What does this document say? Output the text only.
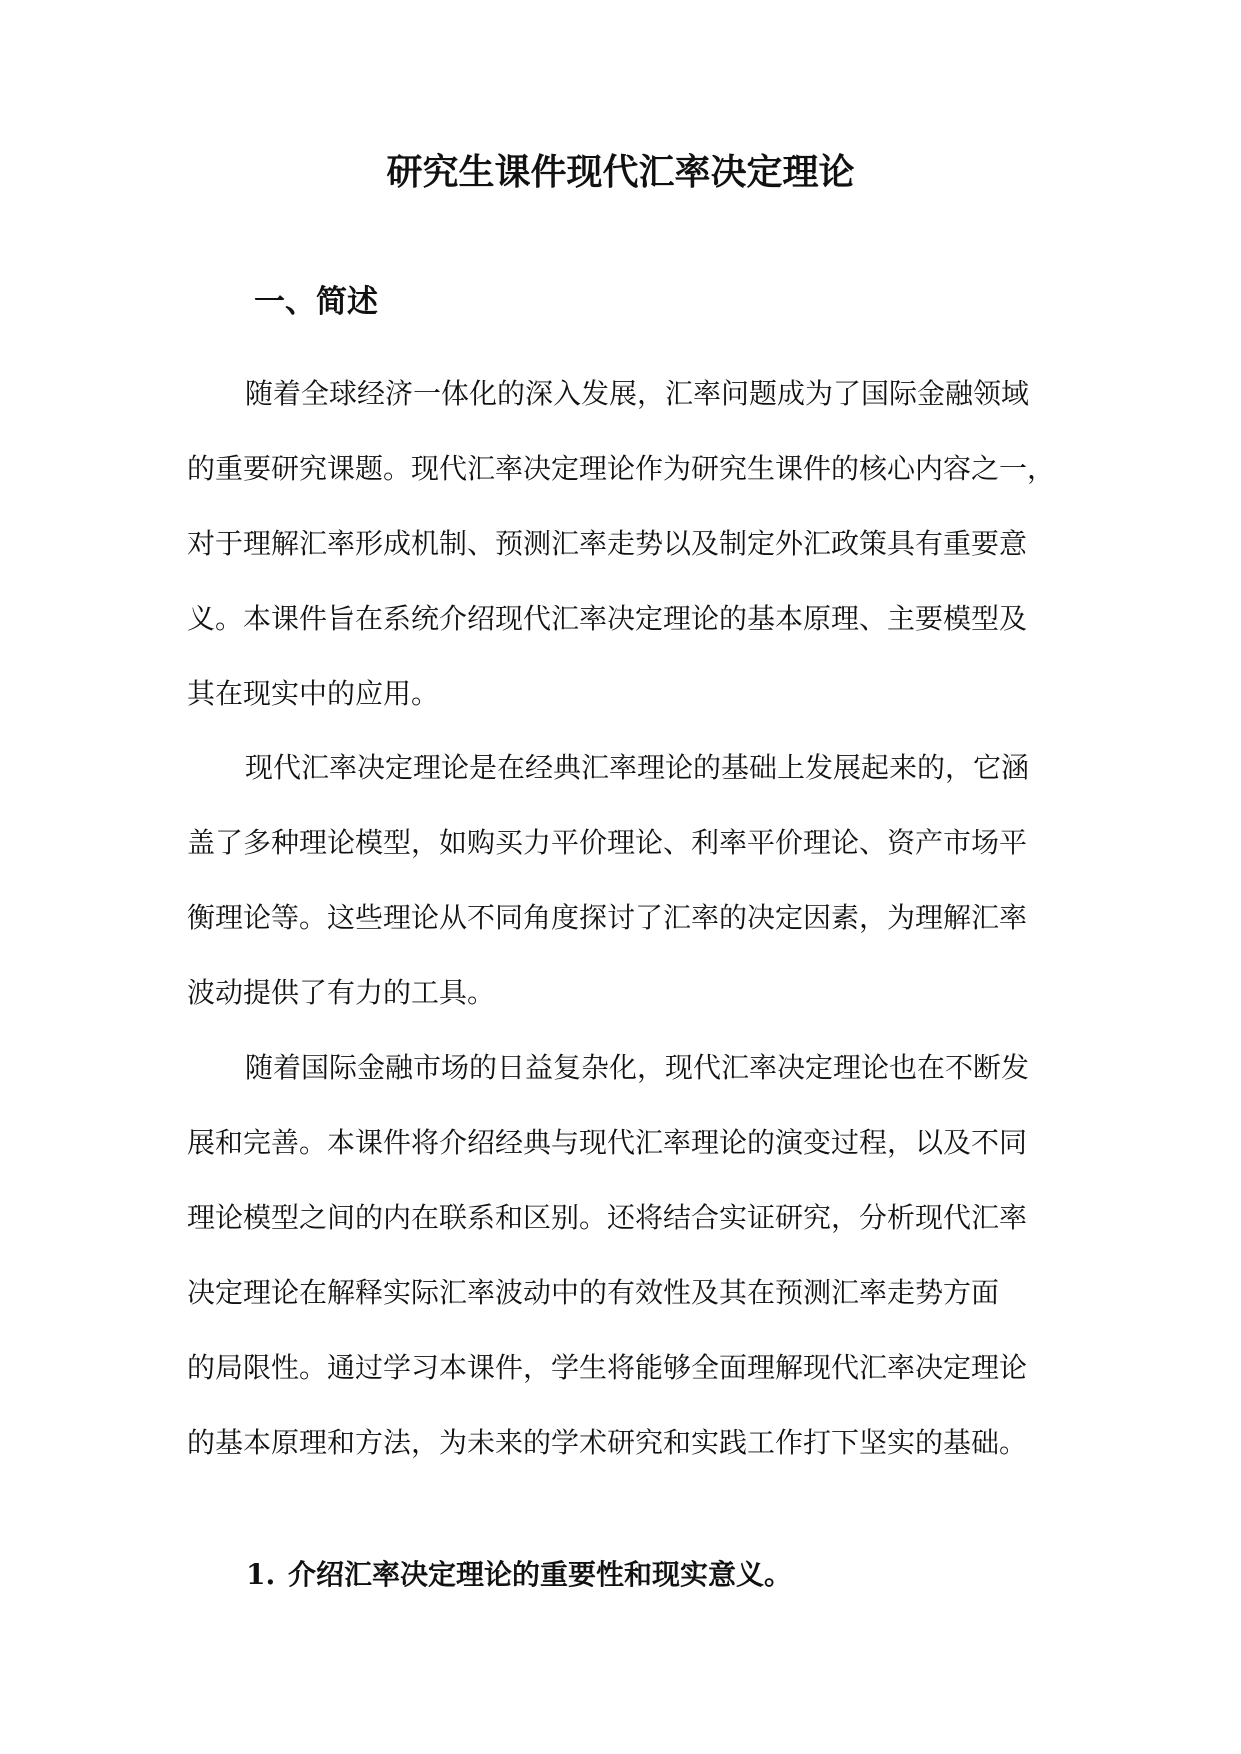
研究生课件现代汇率决定理论
一、简述
随着全球经济一体化的深入发展，汇率问题成为了国际金融领域
的重要研究课题。现代汇率决定理论作为研究生课件的核心内容之一，
对于理解汇率形成机制、预测汇率走势以及制定外汇政策具有重要意
义。本课件旨在系统介绍现代汇率决定理论的基本原理、主要模型及
其在现实中的应用。
现代汇率决定理论是在经典汇率理论的基础上发展起来的，它涵
盖了多种理论模型，如购买力平价理论、利率平价理论、资产市场平
衡理论等。这些理论从不同角度探讨了汇率的决定因素，为理解汇率
波动提供了有力的工具。
随着国际金融市场的日益复杂化，现代汇率决定理论也在不断发
展和完善。本课件将介绍经典与现代汇率理论的演变过程，以及不同
理论模型之间的内在联系和区别。还将结合实证研究，分析现代汇率
决定理论在解释实际汇率波动中的有效性及其在预测汇率走势方面
的局限性。通过学习本课件，学生将能够全面理解现代汇率决定理论
的基本原理和方法，为未来的学术研究和实践工作打下坚实的基础。
1. 介绍汇率决定理论的重要性和现实意义。
